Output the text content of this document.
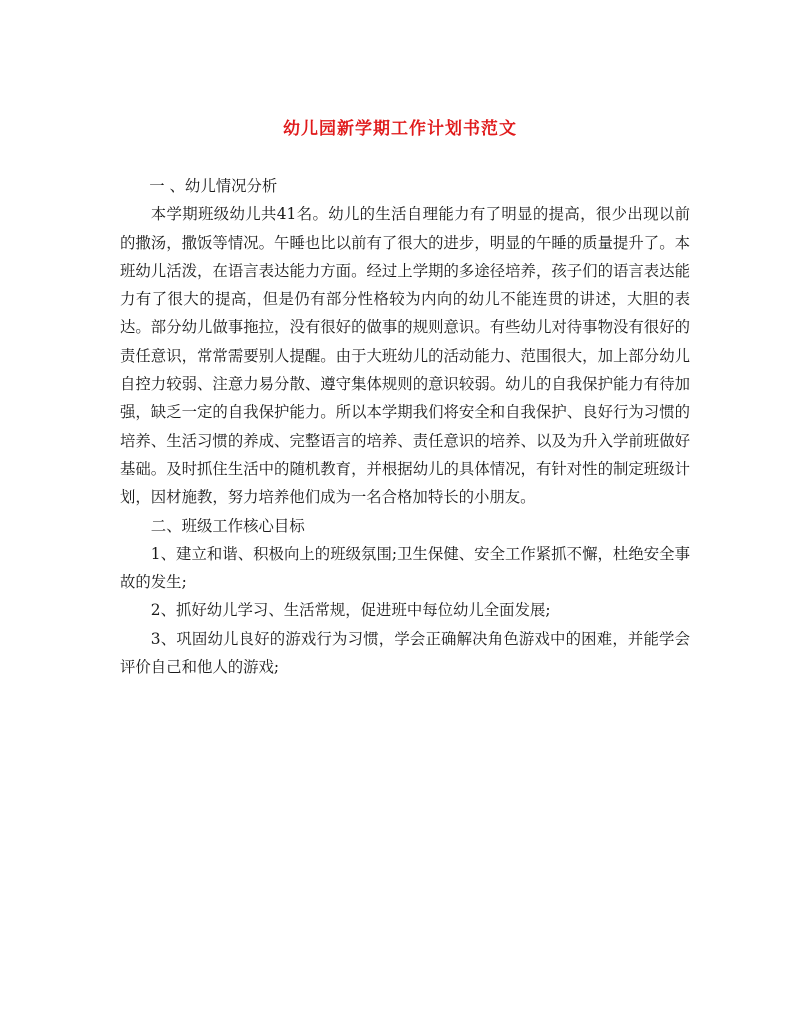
幼儿园新学期工作计划书范文

一 、幼儿情况分析

本学期班级幼儿共41名。幼儿的生活自理能力有了明显的提高，很少出现以前的撒汤，撒饭等情况。午睡也比以前有了很大的进步，明显的午睡的质量提升了。本班幼儿活泼，在语言表达能力方面。经过上学期的多途径培养，孩子们的语言表达能力有了很大的提高，但是仍有部分性格较为内向的幼儿不能连贯的讲述，大胆的表达。部分幼儿做事拖拉，没有很好的做事的规则意识。有些幼儿对待事物没有很好的责任意识，常常需要别人提醒。由于大班幼儿的活动能力、范围很大，加上部分幼儿自控力较弱、注意力易分散、遵守集体规则的意识较弱。幼儿的自我保护能力有待加强，缺乏一定的自我保护能力。所以本学期我们将安全和自我保护、良好行为习惯的培养、生活习惯的养成、完整语言的培养、责任意识的培养、以及为升入学前班做好基础。及时抓住生活中的随机教育，并根据幼儿的具体情况，有针对性的制定班级计划，因材施教，努力培养他们成为一名合格加特长的小朋友。

二、班级工作核心目标

1、建立和谐、积极向上的班级氛围;卫生保健、安全工作紧抓不懈，杜绝安全事故的发生;

2、抓好幼儿学习、生活常规，促进班中每位幼儿全面发展;

3、巩固幼儿良好的游戏行为习惯，学会正确解决角色游戏中的困难，并能学会评价自己和他人的游戏;
